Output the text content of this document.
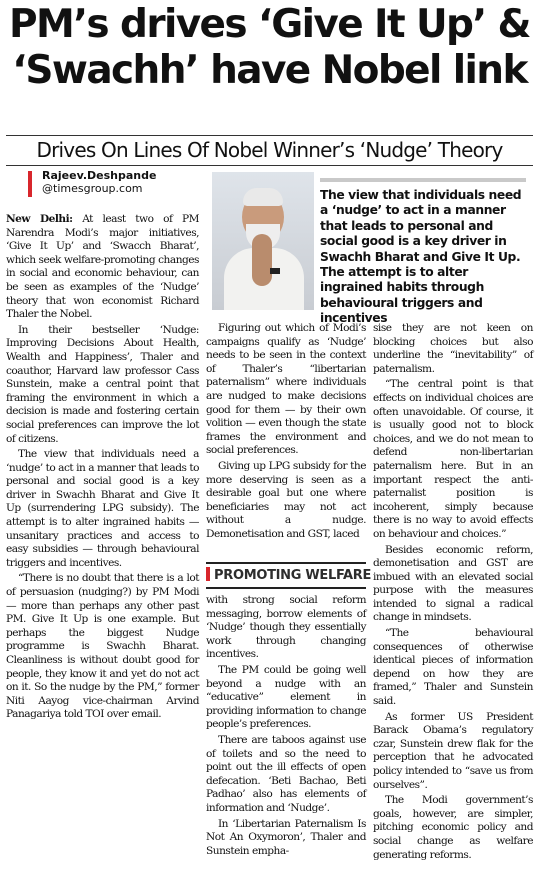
PM’s drives ‘Give It Up’ &
‘Swachh’ have Nobel link
Drives On Lines Of Nobel Winner’s ‘Nudge’ Theory
Rajeev.Deshpande
@timesgroup.com	The view that individuals need a ‘nudge’ to act in a manner that leads to personal and social good is a key driver in Swachh Bharat and Give It Up. The attempt is to alter ingrained habits through behavioural triggers and incentives

New Delhi: At least two of PM Narendra Modi’s major initiatives, ‘Give It Up’ and ‘Swacch Bharat’, which seek welfare-promoting changes in social and economic behaviour, can be seen as examples of the ‘Nudge’ theory that won economist Richard Thaler the Nobel.

In their bestseller ‘Nudge: Improving Decisions About Health, Wealth and Happiness’, Thaler and coauthor, Harvard law professor Cass Sunstein, make a central point that framing the environment in which a decision is made and fostering certain social preferences can improve the lot of citizens.

The view that individuals need a ‘nudge’ to act in a manner that leads to personal and social good is a key driver in Swachh Bharat and Give It Up (surrendering LPG subsidy). The attempt is to alter ingrained habits — unsanitary practices and access to easy subsidies — through behavioural triggers and incentives.

“There is no doubt that there is a lot of persuasion (nudging?) by PM Modi — more than perhaps any other past PM. Give It Up is one example. But perhaps the biggest Nudge programme is Swachh Bharat. Cleanliness is without doubt good for people, they know it and yet do not act on it. So the nudge by the PM,” former Niti Aayog vice-chairman Arvind Panagariya told TOI over email.

Figuring out which of Modi’s campaigns qualify as ‘Nudge’ needs to be seen in the context of Thaler’s “libertarian paternalism” where individuals are nudged to make decisions good for them — by their own volition — even though the state frames the environment and social preferences.

Giving up LPG subsidy for the more deserving is seen as a desirable goal but one where beneficiaries may not act without a nudge. Demonetisation and GST, laced

PROMOTING WELFARE

with strong social reform messaging, borrow elements of ‘Nudge’ though they essentially work through changing incentives.

The PM could be going well beyond a nudge with an “educative” element in providing information to change people’s preferences.

There are taboos against use of toilets and so the need to point out the ill effects of open defecation. ‘Beti Bachao, Beti Padhao’ also has elements of information and ‘Nudge’.

In ‘Libertarian Paternalism Is Not An Oxymoron’, Thaler and Sunstein empha-

sise they are not keen on blocking choices but also underline the “inevitability” of paternalism.

“The central point is that effects on individual choices are often unavoidable. Of course, it is usually good not to block choices, and we do not mean to defend non-libertarian paternalism here. But in an important respect the anti-paternalist position is incoherent, simply because there is no way to avoid effects on behaviour and choices.”

Besides economic reform, demonetisation and GST are imbued with an elevated social purpose with the measures intended to signal a radical change in mindsets.

“The behavioural consequences of otherwise identical pieces of information depend on how they are framed,” Thaler and Sunstein said.

As former US President Barack Obama’s regulatory czar, Sunstein drew flak for the perception that he advocated policy intended to “save us from ourselves”.

The Modi government’s goals, however, are simpler, pitching economic policy and social change as welfare generating reforms.
